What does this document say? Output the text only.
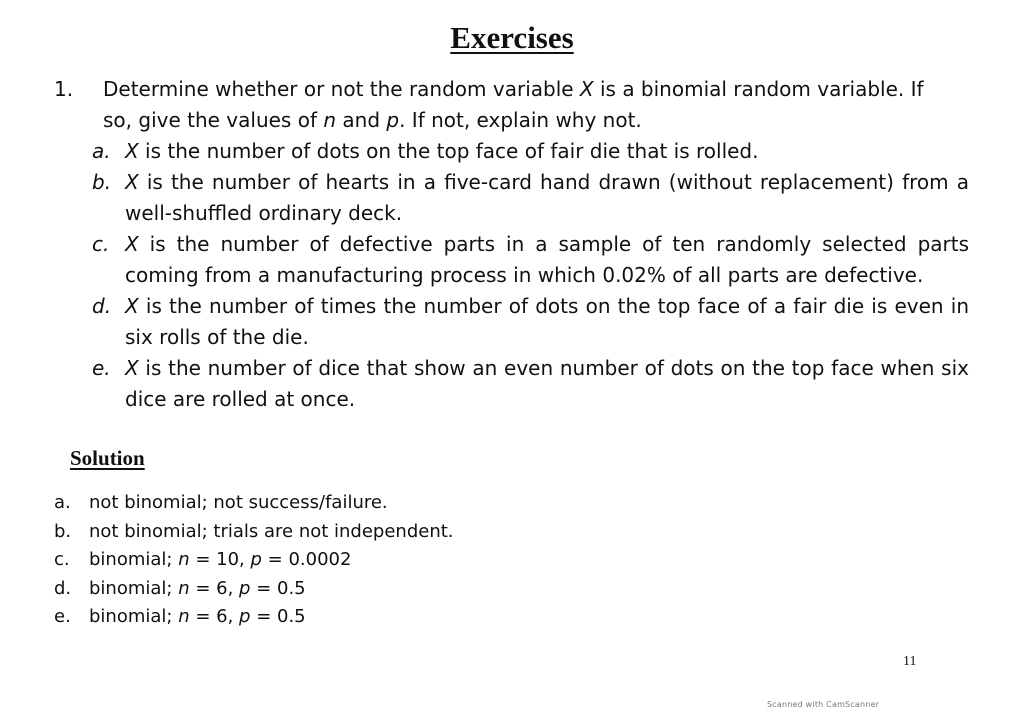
Exercises
1. Determine whether or not the random variable X is a binomial random variable. If
so, give the values of n and p. If not, explain why not.
a. X is the number of dots on the top face of fair die that is rolled.
b. X is the number of hearts in a five-card hand drawn (without replacement) from a well-shuffled ordinary deck.
c. X is the number of defective parts in a sample of ten randomly selected parts coming from a manufacturing process in which 0.02% of all parts are defective.
d. X is the number of times the number of dots on the top face of a fair die is even in six rolls of the die.
e. X is the number of dice that show an even number of dots on the top face when six dice are rolled at once.
Solution
a. not binomial; not success/failure.
b. not binomial; trials are not independent.
c. binomial; n = 10, p = 0.0002
d. binomial; n = 6, p = 0.5
e. binomial; n = 6, p = 0.5
11
Scanned with CamScanner
